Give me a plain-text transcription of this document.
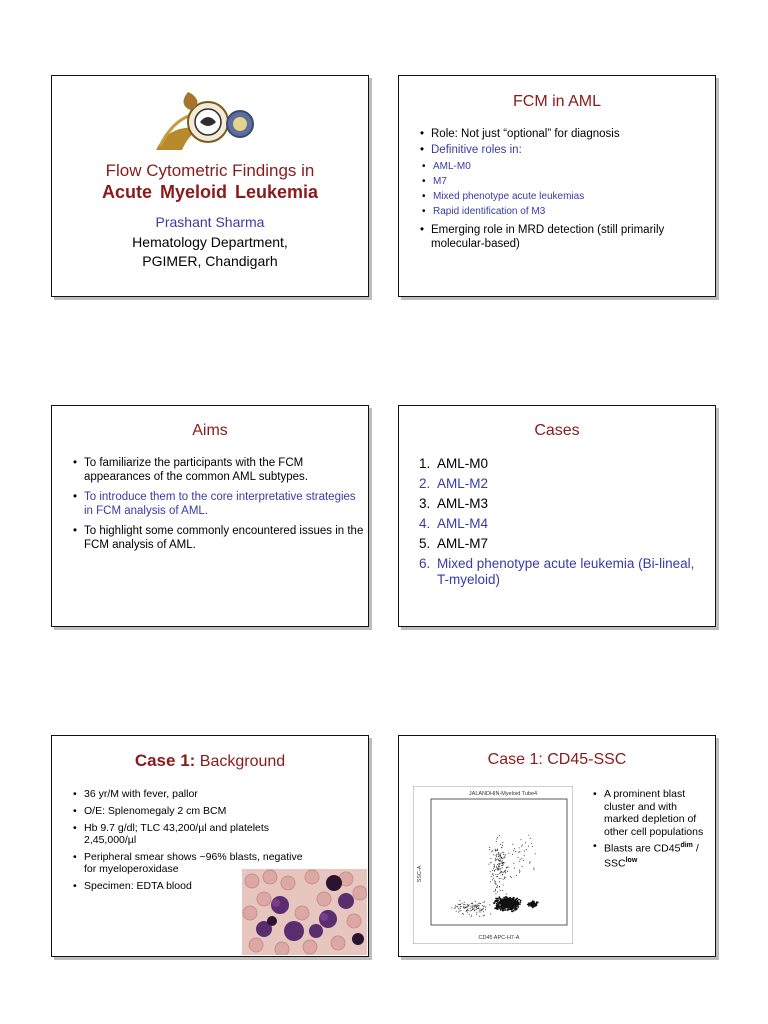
Flow Cytometric Findings in
Acute Myeloid Leukemia
Prashant Sharma
Hematology Department,
PGIMER, Chandigarh
FCM in AML
• Role: Not just “optional” for diagnosis
• Definitive roles in:
• AML-M0
• M7
• Mixed phenotype acute leukemias
• Rapid identification of M3
• Emerging role in MRD detection (still primarily molecular-based)
Aims
• To familiarize the participants with the FCM appearances of the common AML subtypes.
• To introduce them to the core interpretative strategies in FCM analysis of AML.
• To highlight some commonly encountered issues in the FCM analysis of AML.
Cases
1. AML-M0
2. AML-M2
3. AML-M3
4. AML-M4
5. AML-M7
6. Mixed phenotype acute leukemia (Bi-lineal, T-myeloid)
Case 1: Background
• 36 yr/M with fever, pallor
• O/E: Splenomegaly 2 cm BCM
• Hb 9.7 g/dl; TLC 43,200/µl and platelets 2,45,000/µl
• Peripheral smear shows ~96% blasts, negative for myeloperoxidase
• Specimen: EDTA blood
Case 1: CD45-SSC
JALANDHIN-Myeloid Tube4
SSC-A
CD45 APC-H7-A
• A prominent blast cluster and with marked depletion of other cell populations
• Blasts are $CD45^{dim} / SSC^{low}$
